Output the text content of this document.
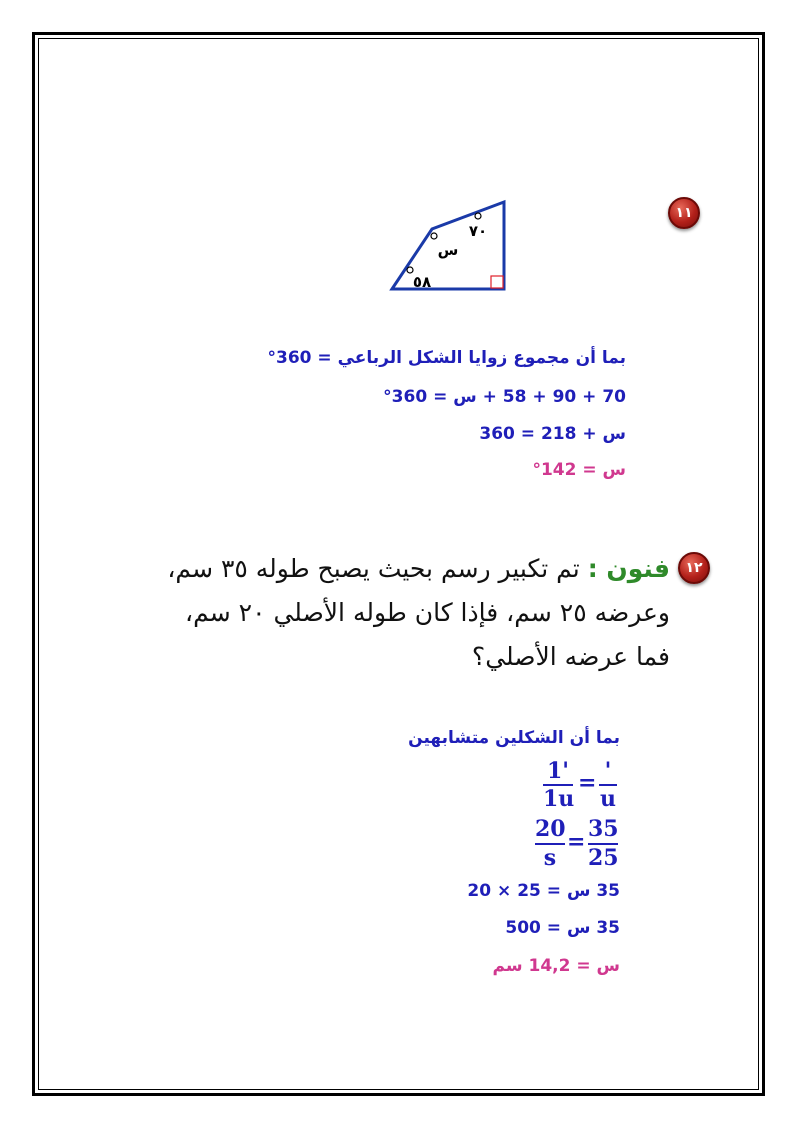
١١
٧٠
س
٥٨
بما أن مجموع زوايا الشكل الرباعي = 360°
70 + 90 + 58 + س = 360°
س + 218 = 360
س = 142°
١٢
فنون : تم تكبير رسم بحيث يصبح طوله ٣٥ سم،
وعرضه ٢٥ سم، فإذا كان طوله الأصلي ٢٠ سم،
فما عرضه الأصلي؟
بما أن الشكلين متشابهين
1'
1u
= '
u
20
s
= 35
25
35 س = 25 × 20
35 س = 500
س = 14,2 سم
